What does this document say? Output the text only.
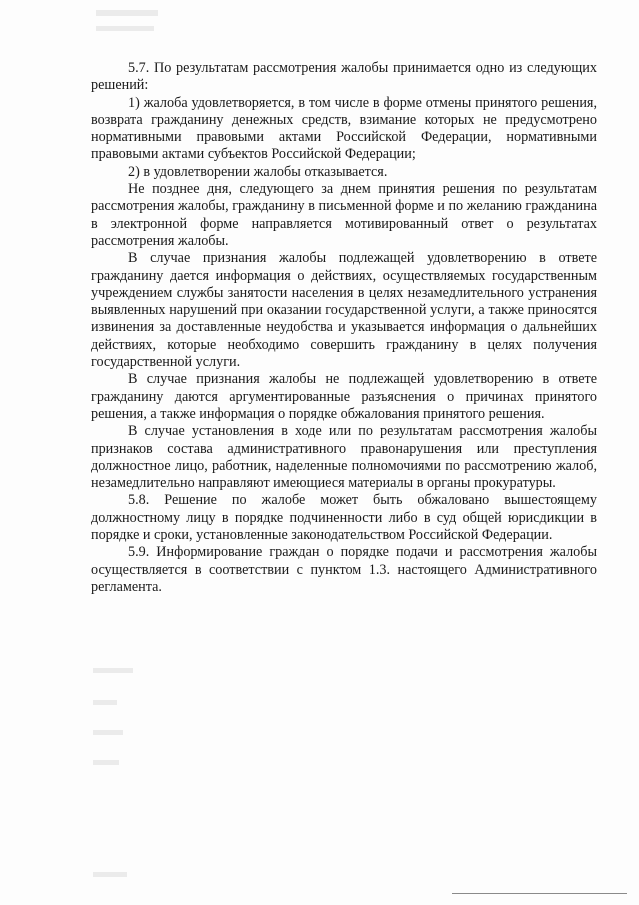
5.7. По результатам рассмотрения жалобы принимается одно из следующих решений:

1) жалоба удовлетворяется, в том числе в форме отмены принятого решения, возврата гражданину денежных средств, взимание которых не предусмотрено нормативными правовыми актами Российской Федерации, нормативными правовыми актами субъектов Российской Федерации;

2) в удовлетворении жалобы отказывается.

Не позднее дня, следующего за днем принятия решения по результатам рассмотрения жалобы, гражданину в письменной форме и по желанию гражданина в электронной форме направляется мотивированный ответ о результатах рассмотрения жалобы.

В случае признания жалобы подлежащей удовлетворению в ответе гражданину дается информация о действиях, осуществляемых государственным учреждением службы занятости населения в целях незамедлительного устранения выявленных нарушений при оказании государственной услуги, а также приносятся извинения за доставленные неудобства и указывается информация о дальнейших действиях, которые необходимо совершить гражданину в целях получения государственной услуги.

В случае признания жалобы не подлежащей удовлетворению в ответе гражданину даются аргументированные разъяснения о причинах принятого решения, а также информация о порядке обжалования принятого решения.

В случае установления в ходе или по результатам рассмотрения жалобы признаков состава административного правонарушения или преступления должностное лицо, работник, наделенные полномочиями по рассмотрению жалоб, незамедлительно направляют имеющиеся материалы в органы прокуратуры.

5.8. Решение по жалобе может быть обжаловано вышестоящему должностному лицу в порядке подчиненности либо в суд общей юрисдикции в порядке и сроки, установленные законодательством Российской Федерации.

5.9. Информирование граждан о порядке подачи и рассмотрения жалобы осуществляется в соответствии с пунктом 1.3. настоящего Административного регламента.
